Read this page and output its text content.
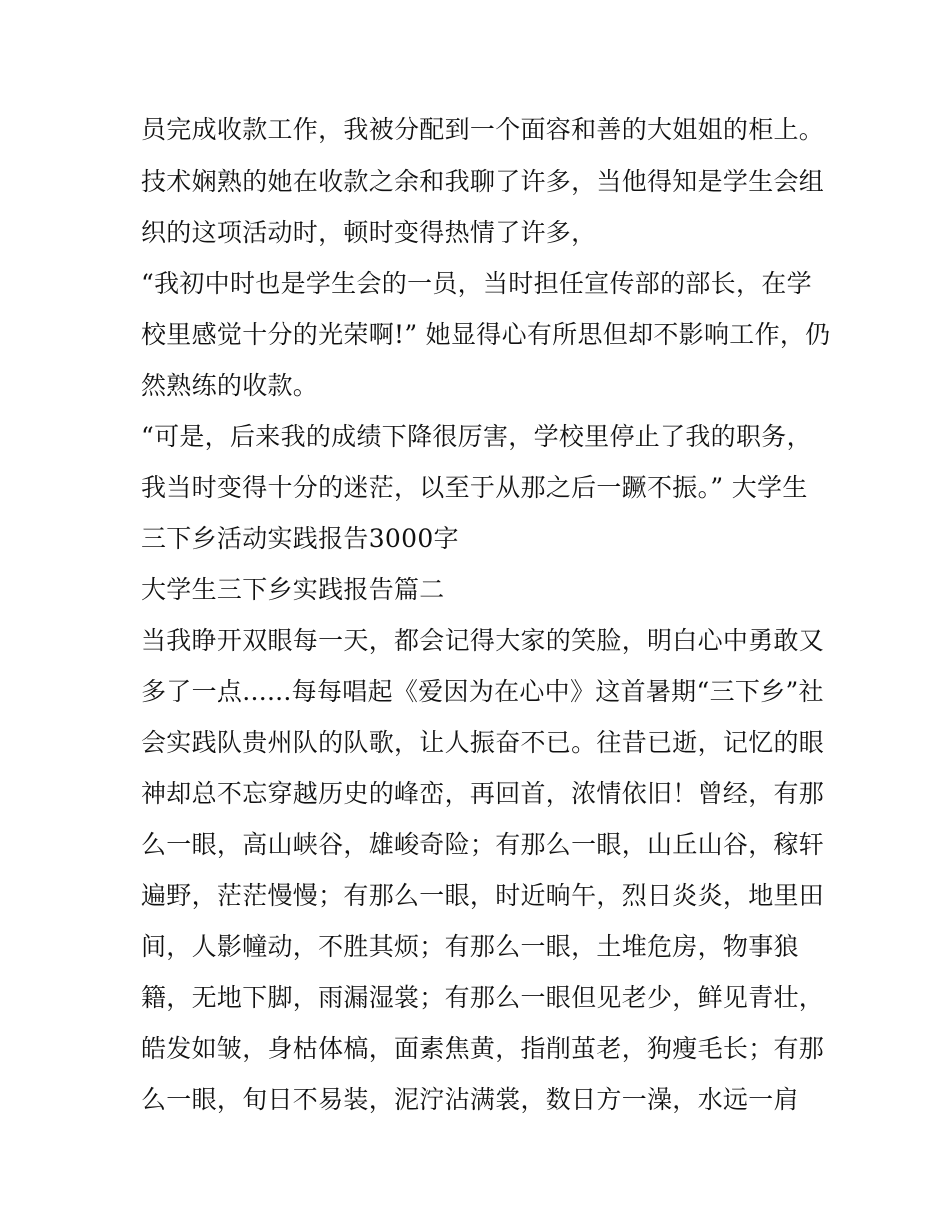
员完成收款工作，我被分配到一个面容和善的大姐姐的柜上。
技术娴熟的她在收款之余和我聊了许多，当他得知是学生会组
织的这项活动时，顿时变得热情了许多，
“我初中时也是学生会的一员，当时担任宣传部的部长，在学
校里感觉十分的光荣啊!” 她显得心有所思但却不影响工作，仍
然熟练的收款。
“可是，后来我的成绩下降很厉害，学校里停止了我的职务，
我当时变得十分的迷茫，以至于从那之后一蹶不振。” 大学生
三下乡活动实践报告3000字
大学生三下乡实践报告篇二
当我睁开双眼每一天，都会记得大家的笑脸，明白心中勇敢又
多了一点......每每唱起《爱因为在心中》这首暑期“三下乡”社
会实践队贵州队的队歌，让人振奋不已。往昔已逝，记忆的眼
神却总不忘穿越历史的峰峦，再回首，浓情依旧！曾经，有那
么一眼，高山峡谷，雄峻奇险；有那么一眼，山丘山谷，稼轩
遍野，茫茫慢慢；有那么一眼，时近晌午，烈日炎炎，地里田
间，人影幢动，不胜其烦；有那么一眼，土堆危房，物事狼
籍，无地下脚，雨漏湿裳；有那么一眼但见老少，鲜见青壮，
皓发如皱，身枯体槁，面素焦黄，指削茧老，狗瘦毛长；有那
么一眼，旬日不易装，泥泞沾满裳，数日方一澡，水远一肩
